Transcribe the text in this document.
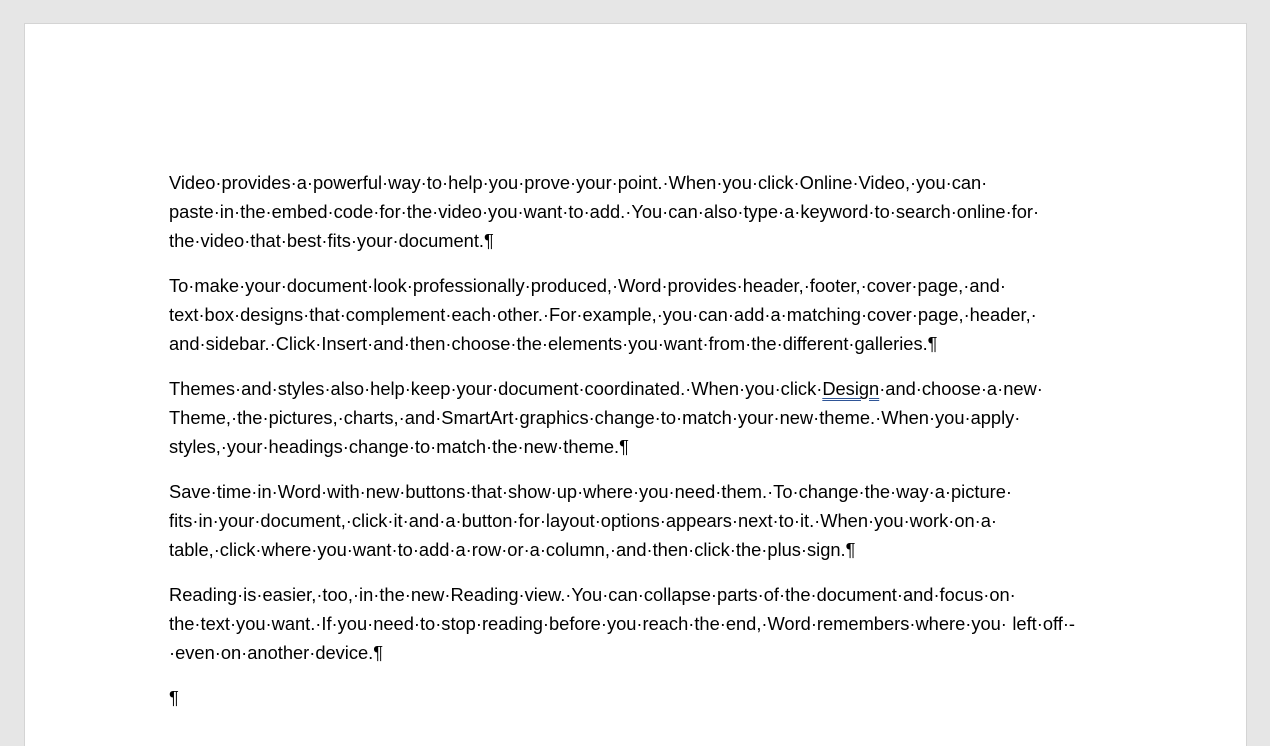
Video·provides·a·powerful·way·to·help·you·prove·your·point.·When·you·click·Online·Video,·you·can· paste·in·the·embed·code·for·the·video·you·want·to·add.·You·can·also·type·a·keyword·to·search·online·for· the·video·that·best·fits·your·document.¶

To·make·your·document·look·professionally·produced,·Word·provides·header,·footer,·cover·page,·and· text·box·designs·that·complement·each·other.·For·example,·you·can·add·a·matching·cover·page,·header,· and·sidebar.·Click·Insert·and·then·choose·the·elements·you·want·from·the·different·galleries.¶

Themes·and·styles·also·help·keep·your·document·coordinated.·When·you·click·Design·and·choose·a·new· Theme,·the·pictures,·charts,·and·SmartArt·graphics·change·to·match·your·new·theme.·When·you·apply· styles,·your·headings·change·to·match·the·new·theme.¶

Save·time·in·Word·with·new·buttons·that·show·up·where·you·need·them.·To·change·the·way·a·picture· fits·in·your·document,·click·it·and·a·button·for·layout·options·appears·next·to·it.·When·you·work·on·a· table,·click·where·you·want·to·add·a·row·or·a·column,·and·then·click·the·plus·sign.¶

Reading·is·easier,·too,·in·the·new·Reading·view.·You·can·collapse·parts·of·the·document·and·focus·on· the·text·you·want.·If·you·need·to·stop·reading·before·you·reach·the·end,·Word·remembers·where·you· left·off·-·even·on·another·device.¶

¶
